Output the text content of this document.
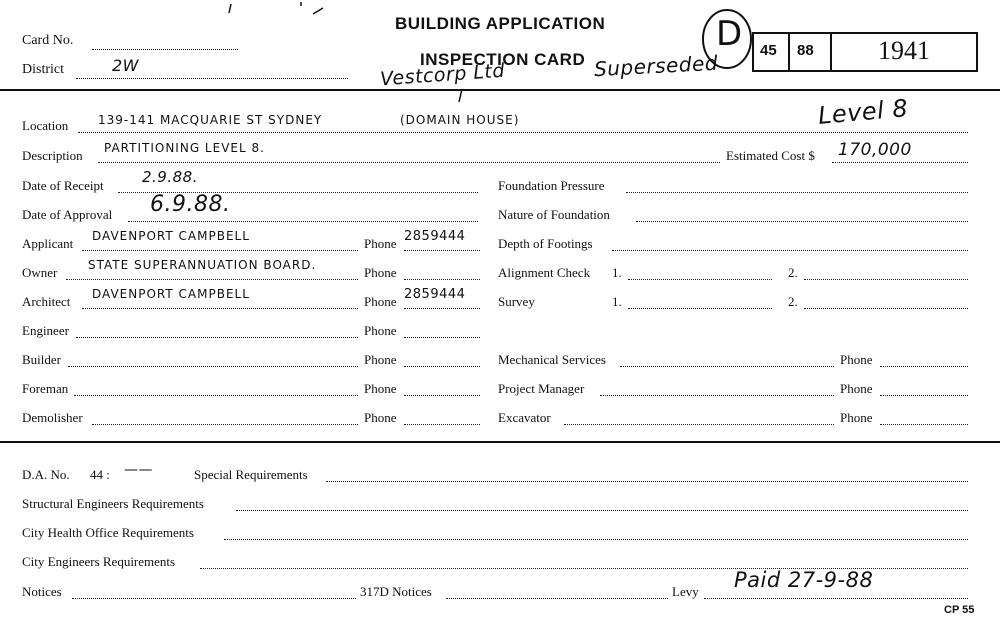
BUILDING APPLICATION
INSPECTION CARD
Card No.
District	2W	Vestcorp Ltd	Superseded
D 45 88 1941
Location 139-141 MACQUARIE ST SYDNEY	(DOMAIN HOUSE)	Level 8
Description PARTITIONING LEVEL 8.	Estimated Cost $ 170,000
Date of Receipt	2.9.88.
Date of Approval 6.9.88.
Applicant DAVENPORT CAMPBELL	Phone 2859444
Owner	STATE SUPERANNUATION BOARD.	Phone
Architect DAVENPORT CAMPBELL	Phone 2859444
Engineer	Phone
Builder	Phone
Foreman	Phone
Demolisher	Phone
Foundation Pressure
Nature of Foundation
Depth of Footings
Alignment Check 1.	2.
Survey	1.	2.
Mechanical Services	Phone
Project Manager	Phone
Excavator	Phone
D.A. No. 44 : ——	Special Requirements
Structural Engineers Requirements
City Health Office Requirements
City Engineers Requirements
Notices	317D Notices	Levy Paid 27-9-88
CP 55
